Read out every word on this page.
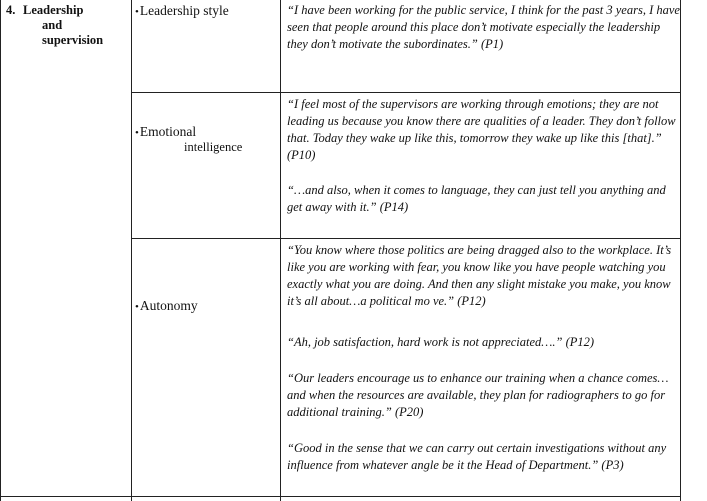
4. Leadership
and
supervision
•Leadership style	“I have been working for the public service, I think for the past 3 years, I have seen that people around this place don’t motivate especially the leadership they don’t motivate the subordinates.” (P1)

•Emotional
intelligence

“I feel most of the supervisors are working through emotions; they are not leading us because you know there are qualities of a leader. They don’t follow that. Today they wake up like this, tomorrow they wake up like this [that].” (P10)

“…and also, when it comes to language, they can just tell you anything and get away with it.” (P14)

•Autonomy

“You know where those politics are being dragged also to the workplace. It’s like you are working with fear, you know like you have people watching you exactly what you are doing. And then any slight mistake you make, you know it’s all about…a political mo ve.” (P12)

“Ah, job satisfaction, hard work is not appreciated….” (P12)

“Our leaders encourage us to enhance our training when a chance comes… and when the resources are available, they plan for radiographers to go for additional training.” (P20)

“Good in the sense that we can carry out certain investigations without any influence from whatever angle be it the Head of Department.” (P3)
